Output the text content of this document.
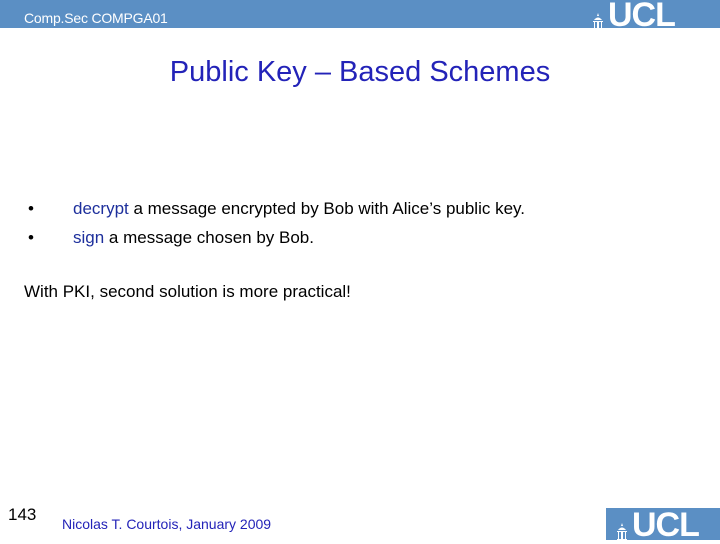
Comp.Sec COMPGA01	UCL
Public Key – Based Schemes
•	decrypt a message encrypted by Bob with Alice’s public key.
•	sign a message chosen by Bob.
With PKI, second solution is more practical!
143 Nicolas T. Courtois, January 2009	UCL
